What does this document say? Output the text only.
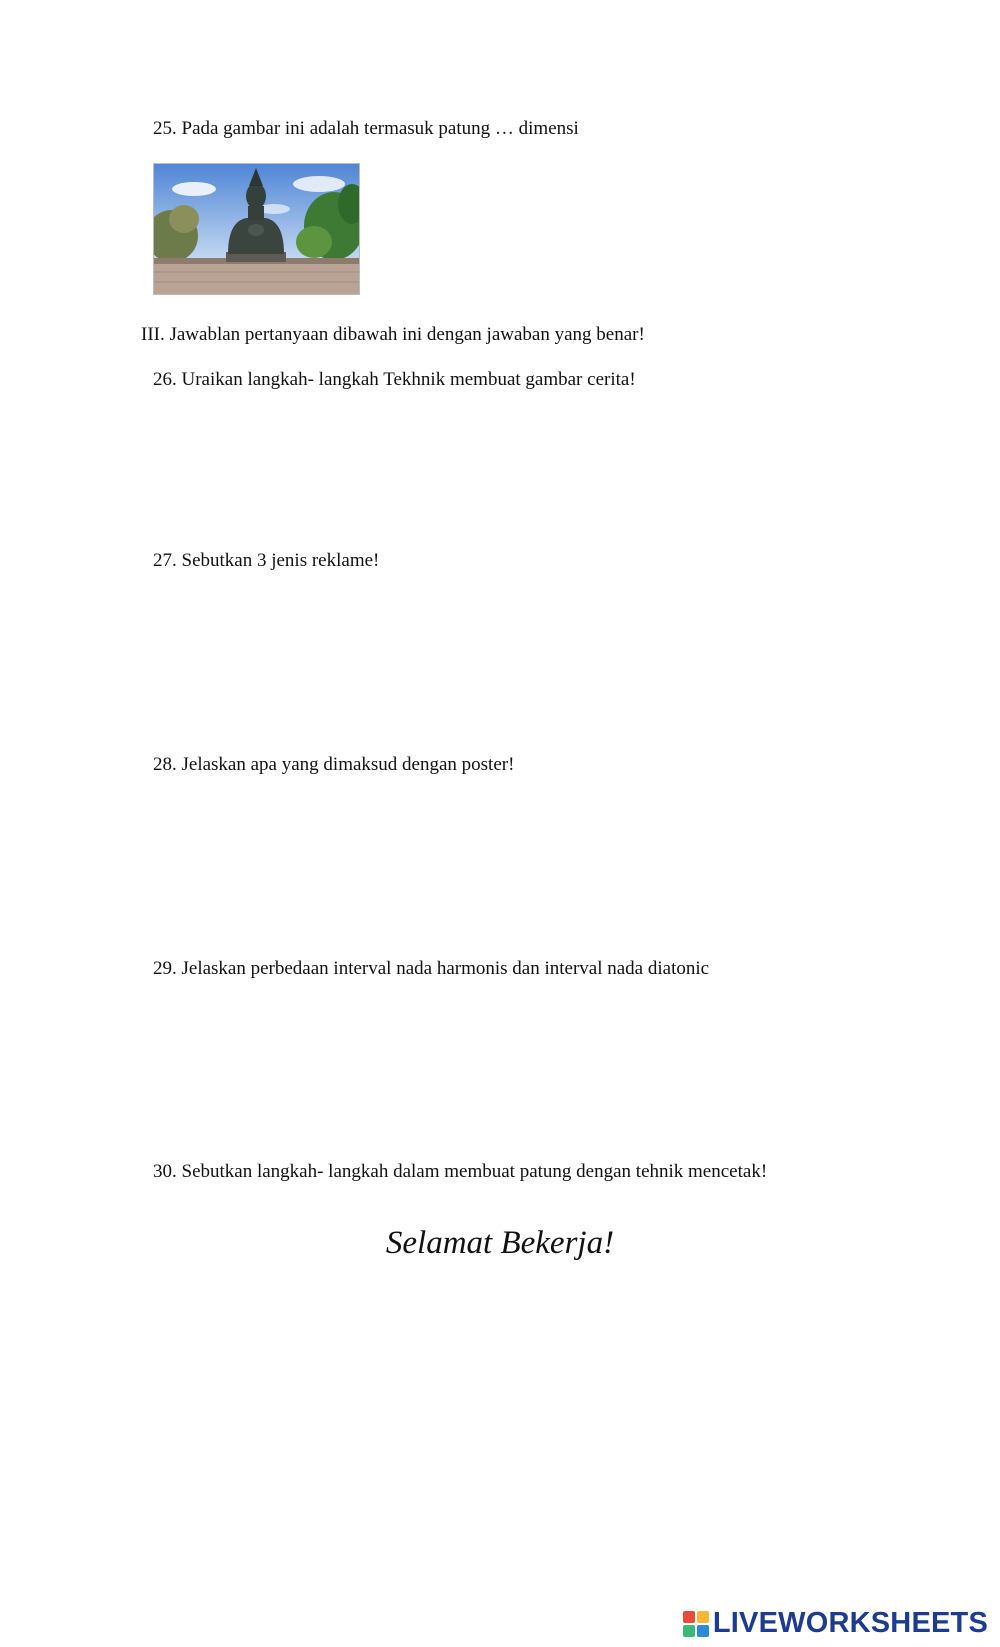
25. Pada gambar ini adalah termasuk patung … dimensi
III. Jawablan pertanyaan dibawah ini dengan jawaban yang benar!
26. Uraikan langkah- langkah Tekhnik membuat gambar cerita!
27. Sebutkan 3 jenis reklame!
28. Jelaskan apa yang dimaksud dengan poster!
29. Jelaskan perbedaan interval nada harmonis dan interval nada diatonic
30. Sebutkan langkah- langkah dalam membuat patung dengan tehnik mencetak!
Selamat Bekerja!
LIVEWORKSHEETS
